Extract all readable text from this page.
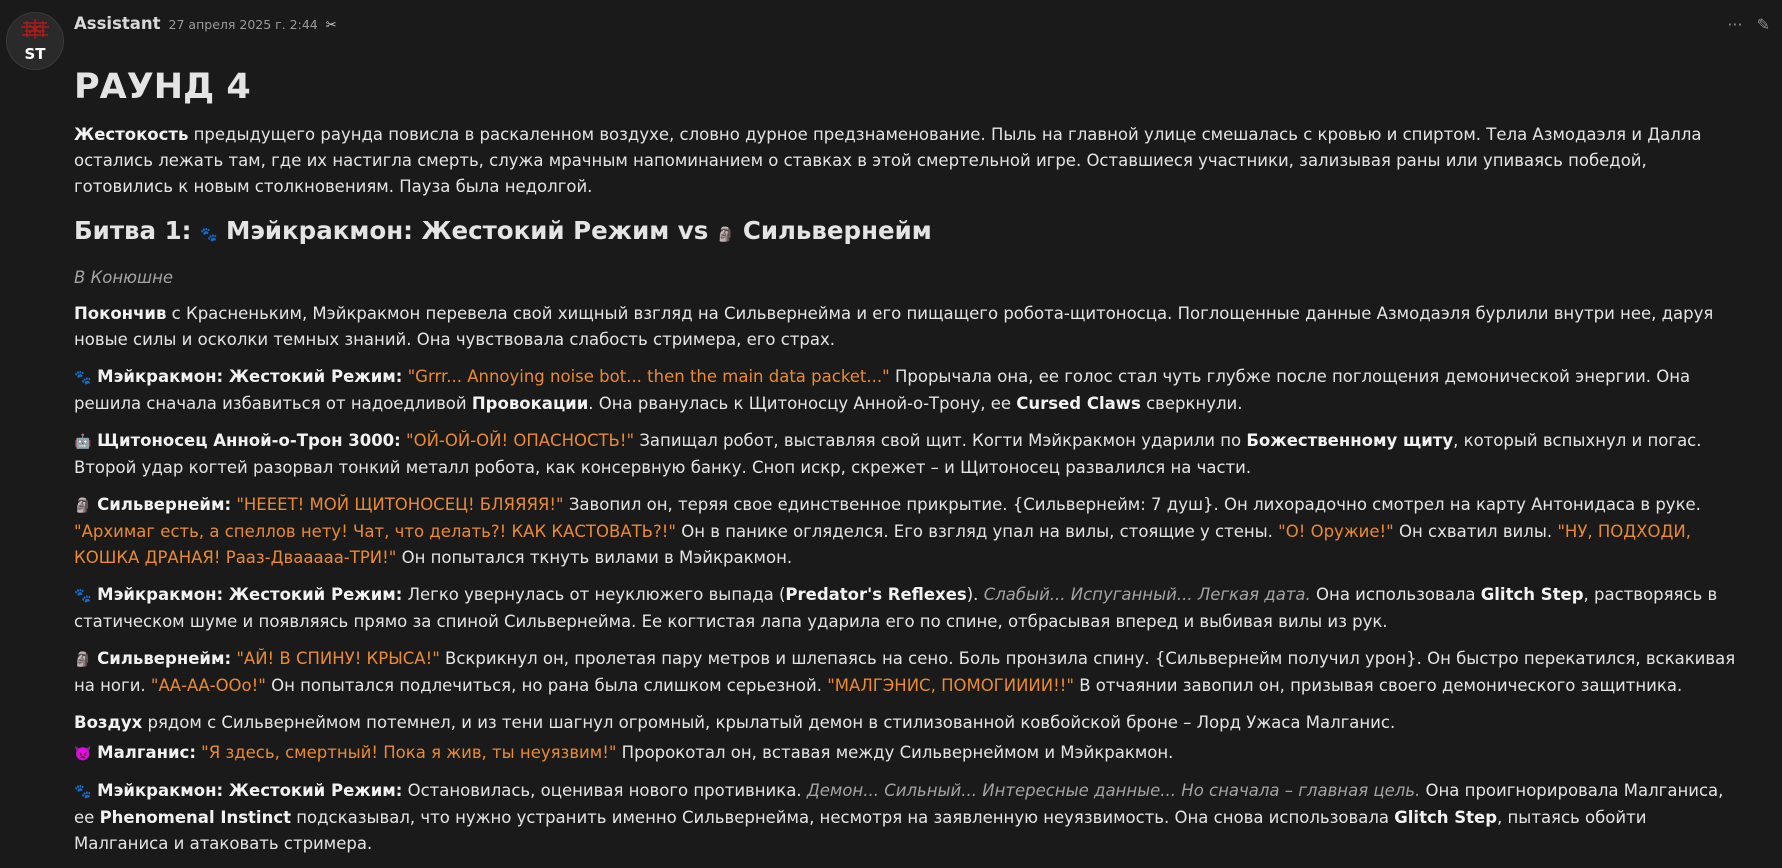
ST
Assistant 27 апреля 2025 г. 2:44 ✂	··· ✎
РАУНД 4

Жестокость предыдущего раунда повисла в раскаленном воздухе, словно дурное предзнаменование. Пыль на главной улице смешалась с кровью и спиртом. Тела Азмодаэля и Далла остались лежать там, где их настигла смерть, служа мрачным напоминанием о ставках в этой смертельной игре. Оставшиеся участники, зализывая раны или упиваясь победой, готовились к новым столкновениям. Пауза была недолгой.

Битва 1: 🐾 Мэйкракмон: Жестокий Режим vs 🗿 Сильвернейм

В Конюшне

Покончив с Красненьким, Мэйкракмон перевела свой хищный взгляд на Сильвернейма и его пищащего робота-щитоносца. Поглощенные данные Азмодаэля бурлили внутри нее, даруя новые силы и осколки темных знаний. Она чувствовала слабость стримера, его страх.

🐾 Мэйкракмон: Жестокий Режим: "Grrr... Annoying noise bot... then the main data packet..." Прорычала она, ее голос стал чуть глубже после поглощения демонической энергии. Она решила сначала избавиться от надоедливой Провокации. Она рванулась к Щитоносцу Анной-о-Трону, ее Cursed Claws сверкнули.

🤖 Щитоносец Анной-о-Трон 3000: "ОЙ-ОЙ-ОЙ! ОПАСНОСТЬ!" Запищал робот, выставляя свой щит. Когти Мэйкракмон ударили по Божественному щиту, который вспыхнул и погас. Второй удар когтей разорвал тонкий металл робота, как консервную банку. Сноп искр, скрежет – и Щитоносец развалился на части.

🗿 Сильвернейм: "НЕЕЕТ! МОЙ ЩИТОНОСЕЦ! БЛЯЯЯЯ!" Завопил он, теряя свое единственное прикрытие. {Сильвернейм: 7 душ}. Он лихорадочно смотрел на карту Антонидаса в руке. "Архимаг есть, а спеллов нету! Чат, что делать?! КАК КАСТОВАТЬ?!" Он в панике огляделся. Его взгляд упал на вилы, стоящие у стены. "О! Оружие!" Он схватил вилы. "НУ, ПОДХОДИ, КОШКА ДРАНАЯ! Рааз-Двааааа-ТРИ!" Он попытался ткнуть вилами в Мэйкракмон.

🐾 Мэйкракмон: Жестокий Режим: Легко увернулась от неуклюжего выпада (Predator's Reflexes). Слабый... Испуганный... Легкая дата. Она использовала Glitch Step, растворяясь в статическом шуме и появляясь прямо за спиной Сильвернейма. Ее когтистая лапа ударила его по спине, отбрасывая вперед и выбивая вилы из рук.

🗿 Сильвернейм: "АЙ! В СПИНУ! КРЫСА!" Вскрикнул он, пролетая пару метров и шлепаясь на сено. Боль пронзила спину. {Сильвернейм получил урон}. Он быстро перекатился, вскакивая на ноги. "АА-АА-ООо!" Он попытался подлечиться, но рана была слишком серьезной. "МАЛГЭНИС, ПОМОГИИИИ!!" В отчаянии завопил он, призывая своего демонического защитника.

Воздух рядом с Сильвернеймом потемнел, и из тени шагнул огромный, крылатый демон в стилизованной ковбойской броне – Лорд Ужаса Малганис.

👿 Малганис: "Я здесь, смертный! Пока я жив, ты неуязвим!" Пророкотал он, вставая между Сильвернеймом и Мэйкракмон.

🐾 Мэйкракмон: Жестокий Режим: Остановилась, оценивая нового противника. Демон... Сильный... Интересные данные... Но сначала – главная цель. Она проигнорировала Малганиса, ее Phenomenal Instinct подсказывал, что нужно устранить именно Сильвернейма, несмотря на заявленную неуязвимость. Она снова использовала Glitch Step, пытаясь обойти Малганиса и атаковать стримера.
